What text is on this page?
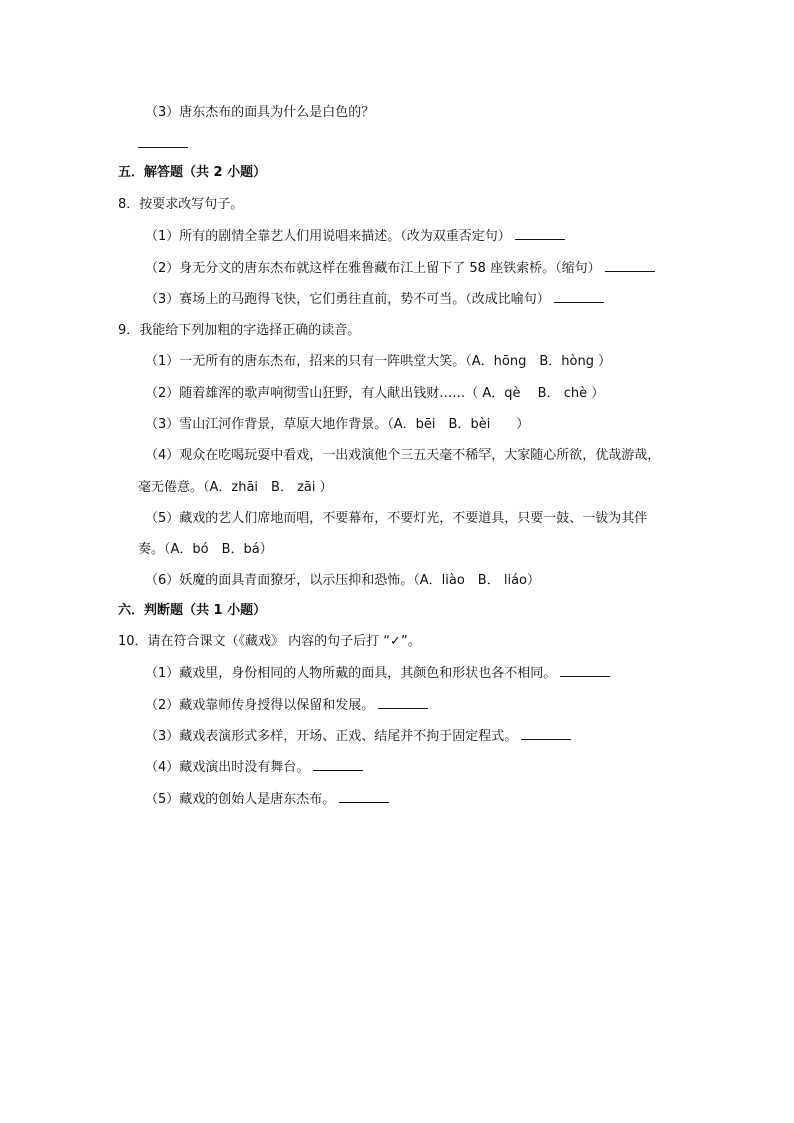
（3）唐东杰布的面具为什么是白色的？
五．解答题（共 2 小题）
8．按要求改写句子。
（1）所有的剧情全靠艺人们用说唱来描述。（改为双重否定句）
（2）身无分文的唐东杰布就这样在雅鲁藏布江上留下了 58 座铁索桥。（缩句）
（3）赛场上的马跑得飞快，它们勇往直前，势不可当。（改成比喻句）
9．我能给下列加粗的字选择正确的读音。
（1）一无所有的唐东杰布，招来的只有一阵哄堂大笑。（A．hōng　B．hòng ）
（2）随着雄浑的歌声响彻雪山狂野，有人献出钱财……（ A．qè　 B． chè ）
（3）雪山江河作背景，草原大地作背景。（A．bēi　B．bèi　　）
（4）观众在吃喝玩耍中看戏，一出戏演他个三五天毫不稀罕，大家随心所欲，优哉游哉，
毫无倦意。（A．zhāi　B． zāi ）
（5）藏戏的艺人们席地而唱，不要幕布，不要灯光，不要道具，只要一鼓、一钹为其伴
奏。（A．bó　B．bá）
（6）妖魔的面具青面獠牙，以示压抑和恐怖。（A．liào　B． liáo）
六．判断题（共 1 小题）
10．请在符合课文（《藏戏》 内容的句子后打 “✓”。
（1）藏戏里，身份相同的人物所戴的面具，其颜色和形状也各不相同。
（2）藏戏靠师传身授得以保留和发展。
（3）藏戏表演形式多样，开场、正戏、结尾并不拘于固定程式。
（4）藏戏演出时没有舞台。
（5）藏戏的创始人是唐东杰布。
